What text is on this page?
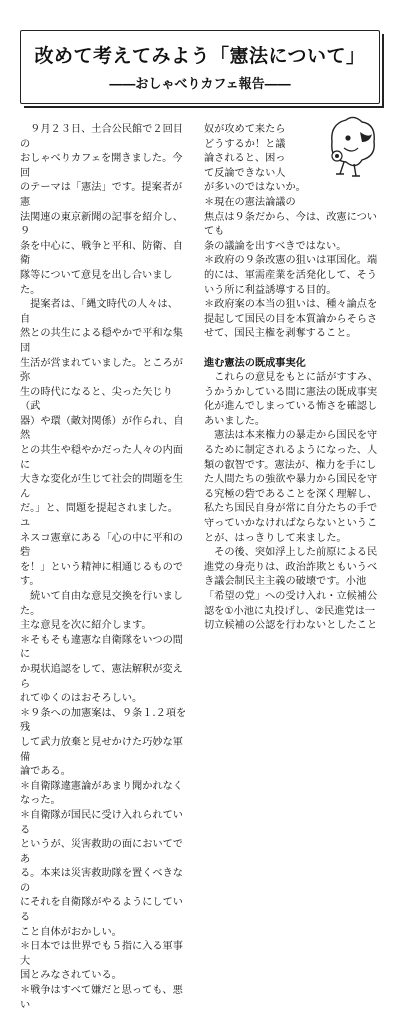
改めて考えてみよう「憲法について」
――おしゃべりカフェ報告――

　９月２３日、土合公民館で２回目の
おしゃべりカフェを開きました。今回
のテーマは「憲法」です。提案者が憲
法関連の東京新聞の記事を紹介し、９
条を中心に、戦争と平和、防衛、自衛
隊等について意見を出し合いました。

　提案者は、「縄文時代の人々は、自
然との共生による穏やかで平和な集団
生活が営まれていました。ところが弥
生の時代になると、尖った矢じり（武
器）や環（敵対関係）が作られ、自然
との共生や穏やかだった人々の内面に
大きな変化が生じて社会的問題を生ん
だ。」と、問題を提起されました。ユ
ネスコ憲章にある「心の中に平和の砦
を！」という精神に相通じるものです。

　続いて自由な意見交換を行いました。
主な意見を次に紹介します。

＊そもそも違憲な自衛隊をいつの間に
か現状追認をして、憲法解釈が変えら
れてゆくのはおそろしい。
＊９条への加憲案は、９条１.２項を残
して武力放棄と見せかけた巧妙な軍備
論である。
＊自衛隊違憲論があまり聞かれなく
なった。
＊自衛隊が国民に受け入れられている
というが、災害救助の面においてであ
る。本来は災害救助隊を置くべきなの
にそれを自衛隊がやるようにしている
こと自体がおかしい。
＊日本では世界でも５指に入る軍事大
国とみなされている。
＊戦争はすべて嫌だと思っても、悪い

奴が攻めて来たら
どうするか！と議
論されると、困っ
て反論できない人
が多いのではないか。
＊現在の憲法論議の
焦点は９条だから、今は、改憲についても
条の議論を出すべきではない。
＊政府の９条改憲の狙いは軍国化。端
的には、軍需産業を活発化して、そう
いう所に利益誘導する目的。
＊政府案の本当の狙いは、種々論点を
提起して国民の目を本質論からそらさ
せて、国民主権を剥奪すること。

進む憲法の既成事実化

　これらの意見をもとに話がすすみ、
うかうかしている間に憲法の既成事実
化が進んでしまっている怖さを確認し
あいました。
　憲法は本来権力の暴走から国民を守
るために制定されるようになった、人
類の叡智です。憲法が、権力を手にし
た人間たちの強欲や暴力から国民を守
る究極の砦であることを深く理解し、
私たち国民自身が常に自分たちの手で
守っていかなければならないというこ
とが、はっきりして来ました。
　その後、突如浮上した前原による民
進党の身売りは、政治詐欺ともいうべ
き議会制民主主義の破壊です。小池
「希望の党」への受け入れ・立候補公
認を①小池に丸投げし、②民進党は一
切立候補の公認を行わないとしたこと
